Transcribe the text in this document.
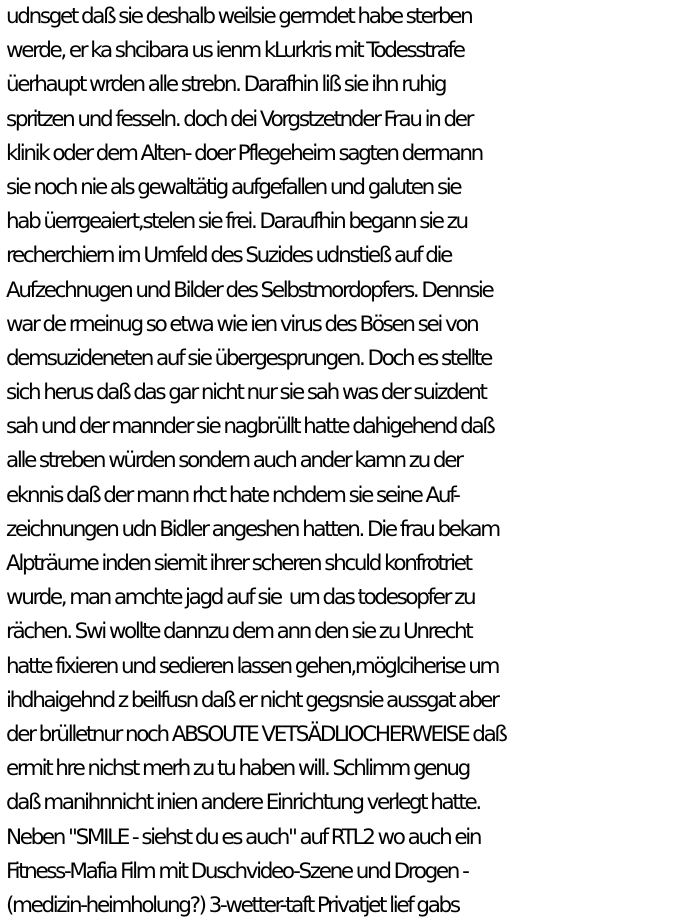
udnsget daß sie deshalb weilsie germdet habe sterben
werde, er ka shcibara us ienm kLurkris mit Todesstrafe
üerhaupt wrden alle strebn. Darafhin liß sie ihn ruhig
spritzen und fesseln. doch dei Vorgstzetnder Frau in der
klinik oder dem Alten- doer Pflegeheim sagten dermann
sie noch nie als gewaltätig aufgefallen und galuten sie
hab üerrgeaiert,stelen sie frei. Daraufhin begann sie zu
recherchiern im Umfeld des Suzides udnstieß auf die
Aufzechnugen und Bilder des Selbstmordopfers. Dennsie
war de rmeinug so etwa wie ien virus des Bösen sei von
demsuzideneten auf sie übergesprungen. Doch es stellte
sich herus daß das gar nicht nur sie sah was der suizdent
sah und der mannder sie nagbrüllt hatte dahigehend daß
alle streben würden sondern auch ander kamn zu der
eknnis daß der mann rhct hate nchdem sie seine Auf-
zeichnungen udn Bidler angeshen hatten. Die frau bekam
Alpträume inden siemit ihrer scheren shculd konfrotriet
wurde, man amchte jagd auf sie  um das todesopfer zu
rächen. Swi wollte dannzu dem ann den sie zu Unrecht
hatte fixieren und sedieren lassen gehen,möglciherise um
ihdhaigehnd z beilfusn daß er nicht gegsnsie aussgat aber
der brülletnur noch ABSOUTE VETSÄDLIOCHERWEISE daß
ermit hre nichst merh zu tu haben will. Schlimm genug
daß manihnnicht inien andere Einrichtung verlegt hatte.
Neben "SMILE - siehst du es auch" auf RTL2 wo auch ein
Fitness-Mafia Film mit Duschvideo-Szene und Drogen -
(medizin-heimholung?) 3-wetter-taft Privatjet lief gabs
